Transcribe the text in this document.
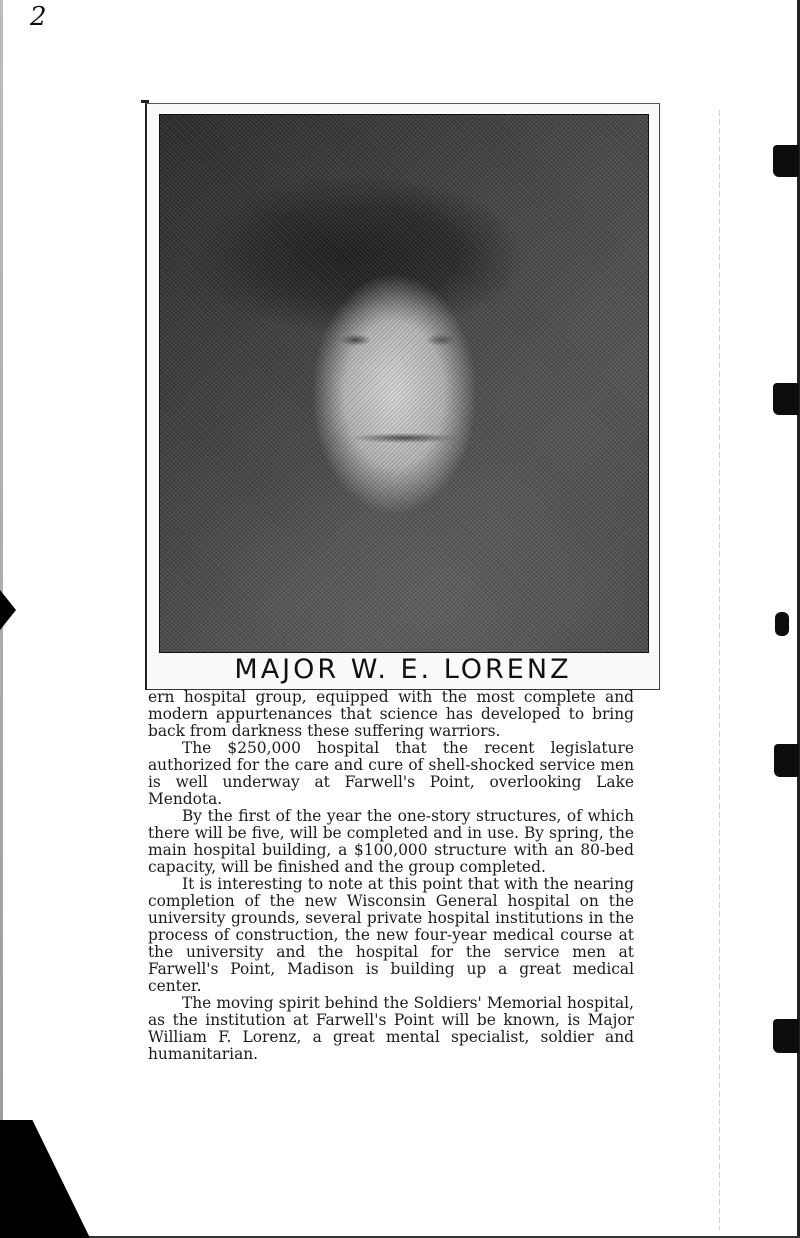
2
MAJOR W. E. LORENZ

ern hospital group, equipped with the most complete and modern appurtenances that science has developed to bring back from darkness these suffering warriors.

The $250,000 hospital that the recent legislature authorized for the care and cure of shell-shocked service men is well underway at Farwell's Point, overlooking Lake Mendota.

By the first of the year the one-story structures, of which there will be five, will be completed and in use. By spring, the main hospital building, a $100,000 structure with an 80-bed capacity, will be finished and the group completed.

It is interesting to note at this point that with the nearing completion of the new Wisconsin General hospital on the university grounds, several private hospital institutions in the process of construction, the new four-year medical course at the university and the hospital for the service men at Farwell's Point, Madison is building up a great medical center.

The moving spirit behind the Soldiers' Memorial hospital, as the institution at Farwell's Point will be known, is Major William F. Lorenz, a great mental specialist, soldier and humanitarian.
